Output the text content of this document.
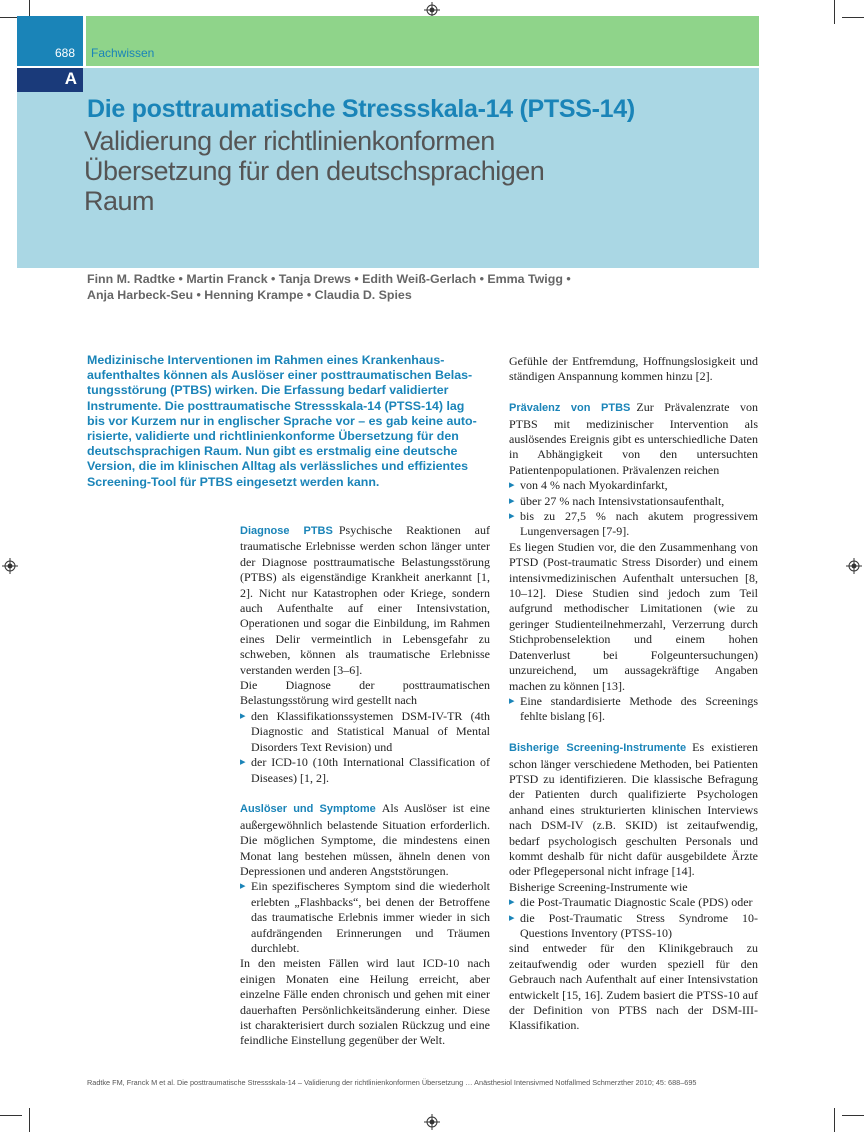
688 Fachwissen
A
Die posttraumatische Stressskala-14 (PTSS-14)
Validierung der richtlinienkonformen
Übersetzung für den deutschsprachigen
Raum
Finn M. Radtke • Martin Franck • Tanja Drews • Edith Weiß-Gerlach • Emma Twigg •
Anja Harbeck-Seu • Henning Krampe • Claudia D. Spies
Medizinische Interventionen im Rahmen eines Krankenhaus-
aufenthaltes können als Auslöser einer posttraumatischen Belas-
tungsstörung (PTBS) wirken. Die Erfassung bedarf validierter
Instrumente. Die posttraumatische Stressskala-14 (PTSS-14) lag
bis vor Kurzem nur in englischer Sprache vor – es gab keine auto-
risierte, validierte und richtlinienkonforme Übersetzung für den
deutschsprachigen Raum. Nun gibt es erstmalig eine deutsche
Version, die im klinischen Alltag als verlässliches und effizientes
Screening-Tool für PTBS eingesetzt werden kann.

Diagnose PTBS Psychische Reaktionen auf traumatische Erlebnisse werden schon länger unter der Diagnose posttraumatische Belastungsstörung (PTBS) als eigenständige Krankheit anerkannt [1, 2]. Nicht nur Katastrophen oder Kriege, sondern auch Aufenthalte auf einer Intensivstation, Operationen und sogar die Einbildung, im Rahmen eines Delir vermeintlich in Lebensgefahr zu schweben, können als traumatische Erlebnisse verstanden werden [3–6].

Die Diagnose der posttraumatischen Belastungsstörung wird gestellt nach

▸ den Klassifikationssystemen DSM-IV-TR (4th Diagnostic and Statistical Manual of Mental Disorders Text Revision) und

▸ der ICD-10 (10th International Classification of Diseases) [1, 2].

Auslöser und Symptome Als Auslöser ist eine außergewöhnlich belastende Situation erforderlich. Die möglichen Symptome, die mindestens einen Monat lang bestehen müssen, ähneln denen von Depressionen und anderen Angststörungen.

▸ Ein spezifischeres Symptom sind die wiederholt erlebten „Flashbacks“, bei denen der Betroffene das traumatische Erlebnis immer wieder in sich aufdrängenden Erinnerungen und Träumen durchlebt.

In den meisten Fällen wird laut ICD-10 nach einigen Monaten eine Heilung erreicht, aber einzelne Fälle enden chronisch und gehen mit einer dauerhaften Persönlichkeitsänderung einher. Diese ist charakterisiert durch sozialen Rückzug und eine feindliche Einstellung gegenüber der Welt.

Gefühle der Entfremdung, Hoffnungslosigkeit und ständigen Anspannung kommen hinzu [2].

Prävalenz von PTBS Zur Prävalenzrate von PTBS mit medizinischer Intervention als auslösendes Ereignis gibt es unterschiedliche Daten in Abhängigkeit von den untersuchten Patientenpopulationen. Prävalenzen reichen

▸ von 4 % nach Myokardinfarkt,

▸ über 27 % nach Intensivstationsaufenthalt,

▸ bis zu 27,5 % nach akutem progressivem Lungenversagen [7-9].

Es liegen Studien vor, die den Zusammenhang von PTSD (Post-traumatic Stress Disorder) und einem intensivmedizinischen Aufenthalt untersuchen [8, 10–12]. Diese Studien sind jedoch zum Teil aufgrund methodischer Limitationen (wie zu geringer Studienteilnehmerzahl, Verzerrung durch Stichprobenselektion und einem hohen Datenverlust bei Folgeuntersuchungen) unzureichend, um aussagekräftige Angaben machen zu können [13].

▸ Eine standardisierte Methode des Screenings fehlte bislang [6].

Bisherige Screening-Instrumente Es existieren schon länger verschiedene Methoden, bei Patienten PTSD zu identifizieren. Die klassische Befragung der Patienten durch qualifizierte Psychologen anhand eines strukturierten klinischen Interviews nach DSM-IV (z.B. SKID) ist zeitaufwendig, bedarf psychologisch geschulten Personals und kommt deshalb für nicht dafür ausgebildete Ärzte oder Pflegepersonal nicht infrage [14].

Bisherige Screening-Instrumente wie

▸ die Post-Traumatic Diagnostic Scale (PDS) oder

▸ die Post-Traumatic Stress Syndrome 10-Questions Inventory (PTSS-10)

sind entweder für den Klinikgebrauch zu zeitaufwendig oder wurden speziell für den Gebrauch nach Aufenthalt auf einer Intensivstation entwickelt [15, 16]. Zudem basiert die PTSS-10 auf der Definition von PTBS nach der DSM-III-Klassifikation.

Radtke FM, Franck M et al. Die posttraumatische Stressskala-14 – Validierung der richtlinienkonformen Übersetzung … Anästhesiol Intensivmed Notfallmed Schmerzther 2010; 45: 688–695
